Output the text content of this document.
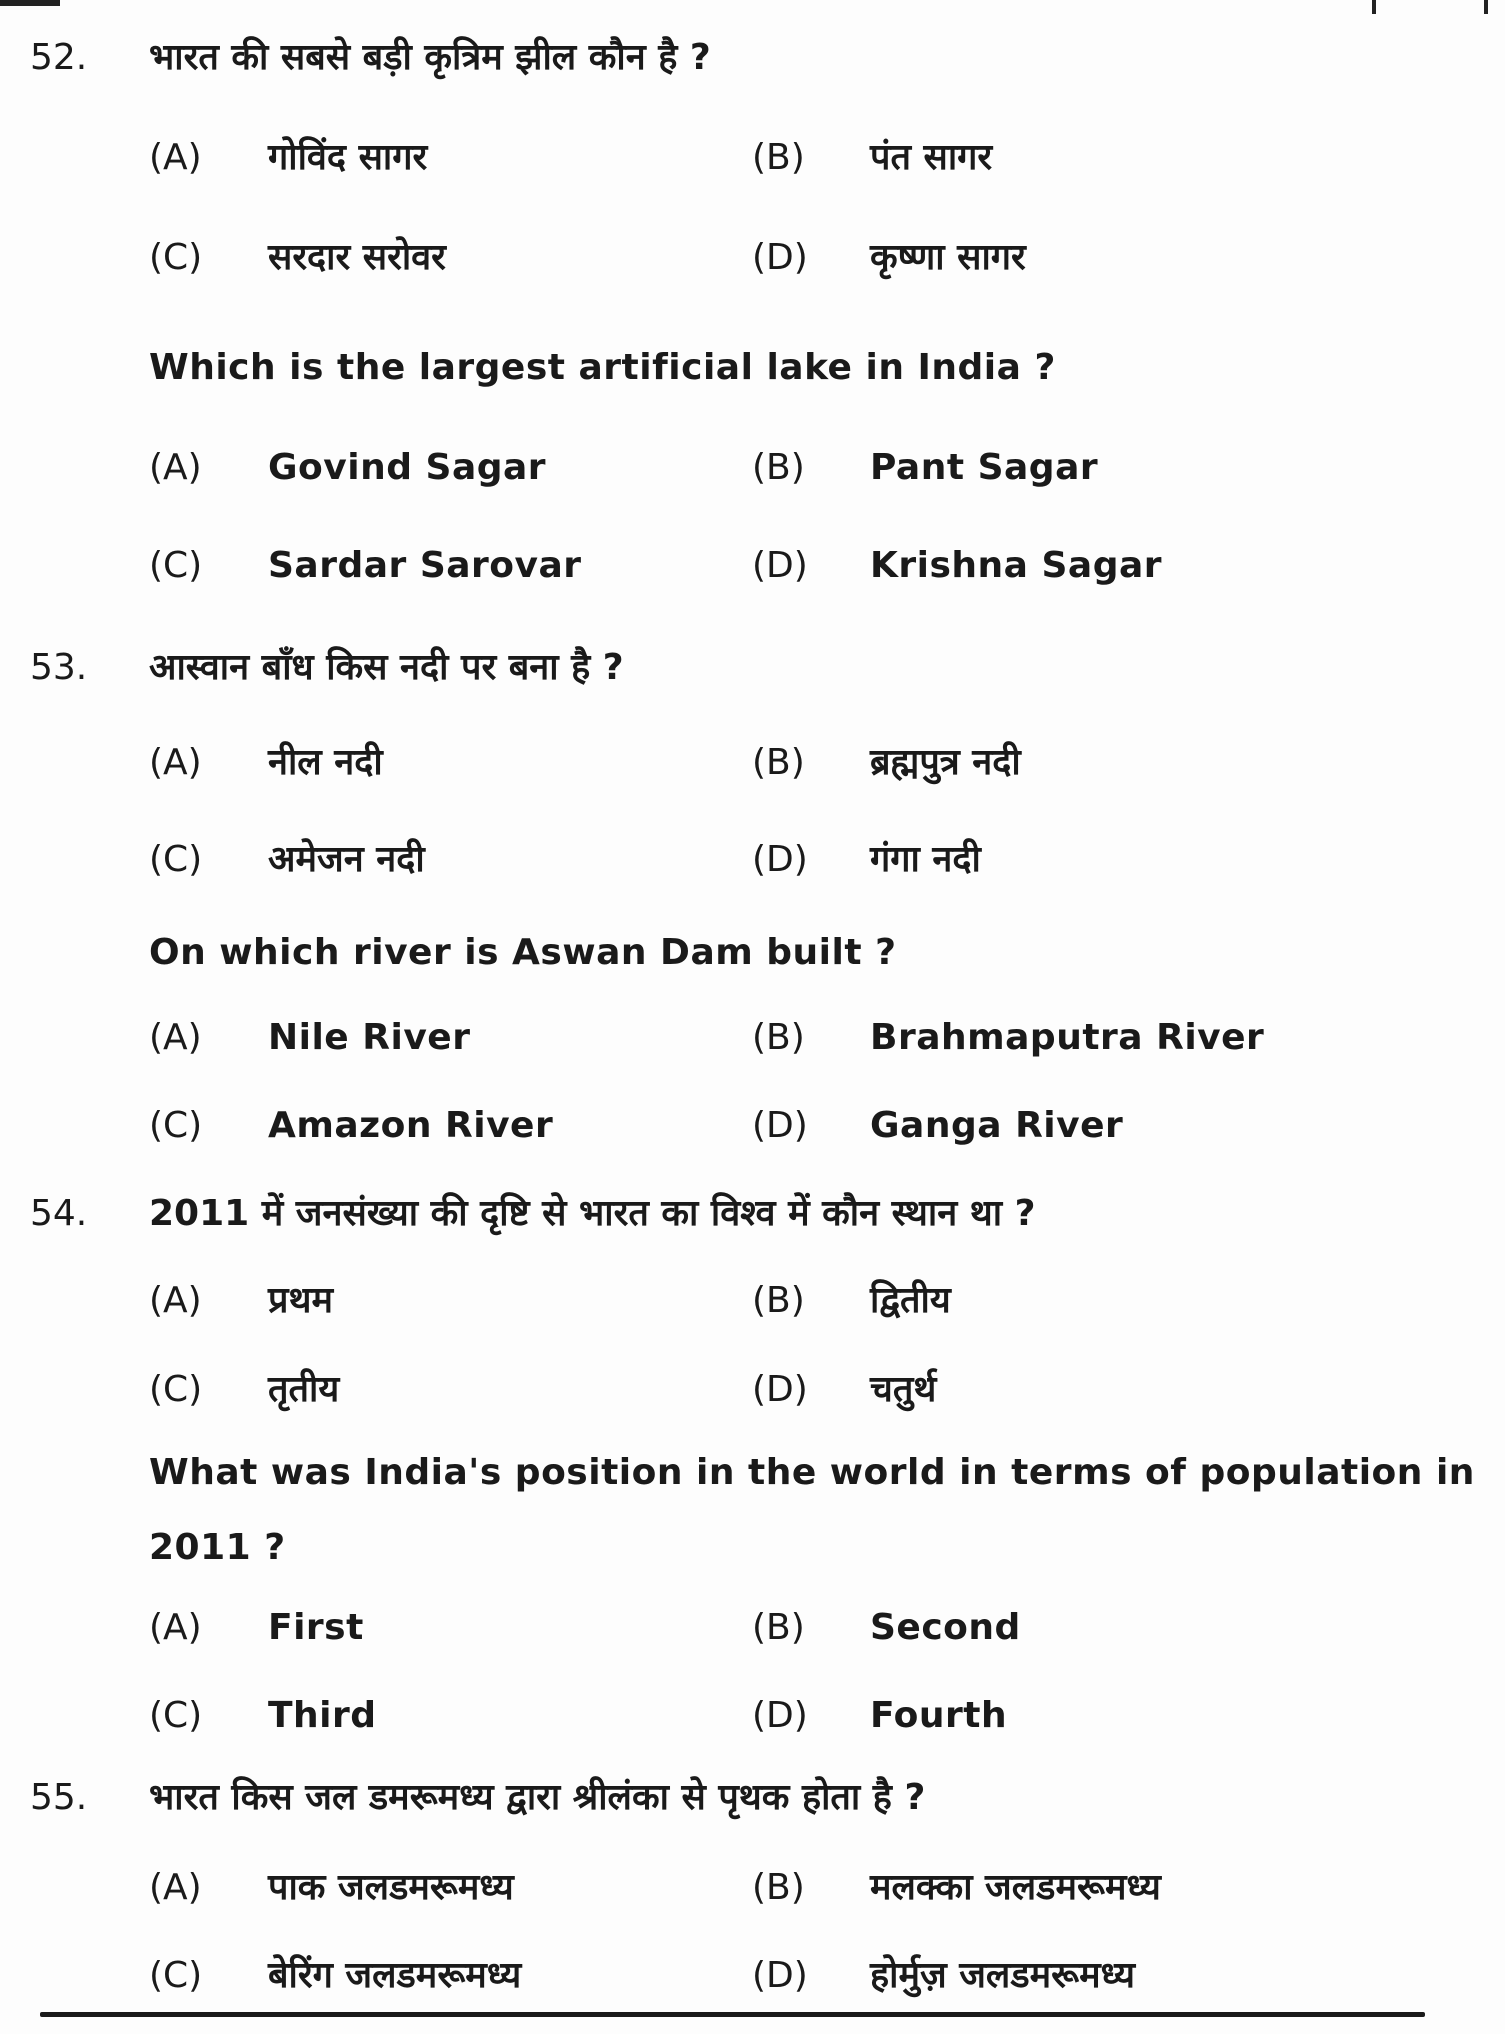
52. भारत की सबसे बड़ी कृत्रिम झील कौन है ?
(A) गोविंद सागर	(B) पंत सागर
(C) सरदार सरोवर	(D) कृष्णा सागर
Which is the largest artificial lake in India ?
(A) Govind Sagar	(B) Pant Sagar
(C) Sardar Sarovar	(D) Krishna Sagar
53. आस्वान बाँध किस नदी पर बना है ?
(A) नील नदी	(B) ब्रह्मपुत्र नदी
(C) अमेजन नदी	(D) गंगा नदी
On which river is Aswan Dam built ?
(A) Nile River	(B) Brahmaputra River
(C) Amazon River	(D) Ganga River
54. 2011 में जनसंख्या की दृष्टि से भारत का विश्व में कौन स्थान था ?
(A) प्रथम	(B) द्वितीय
(C) तृतीय	(D) चतुर्थ
What was India's position in the world in terms of population in
2011 ?
(A) First	(B) Second
(C) Third	(D) Fourth
55. भारत किस जल डमरूमध्य द्वारा श्रीलंका से पृथक होता है ?
(A) पाक जलडमरूमध्य	(B) मलक्का जलडमरूमध्य
(C) बेरिंग जलडमरूमध्य	(D) होर्मुज़ जलडमरूमध्य
